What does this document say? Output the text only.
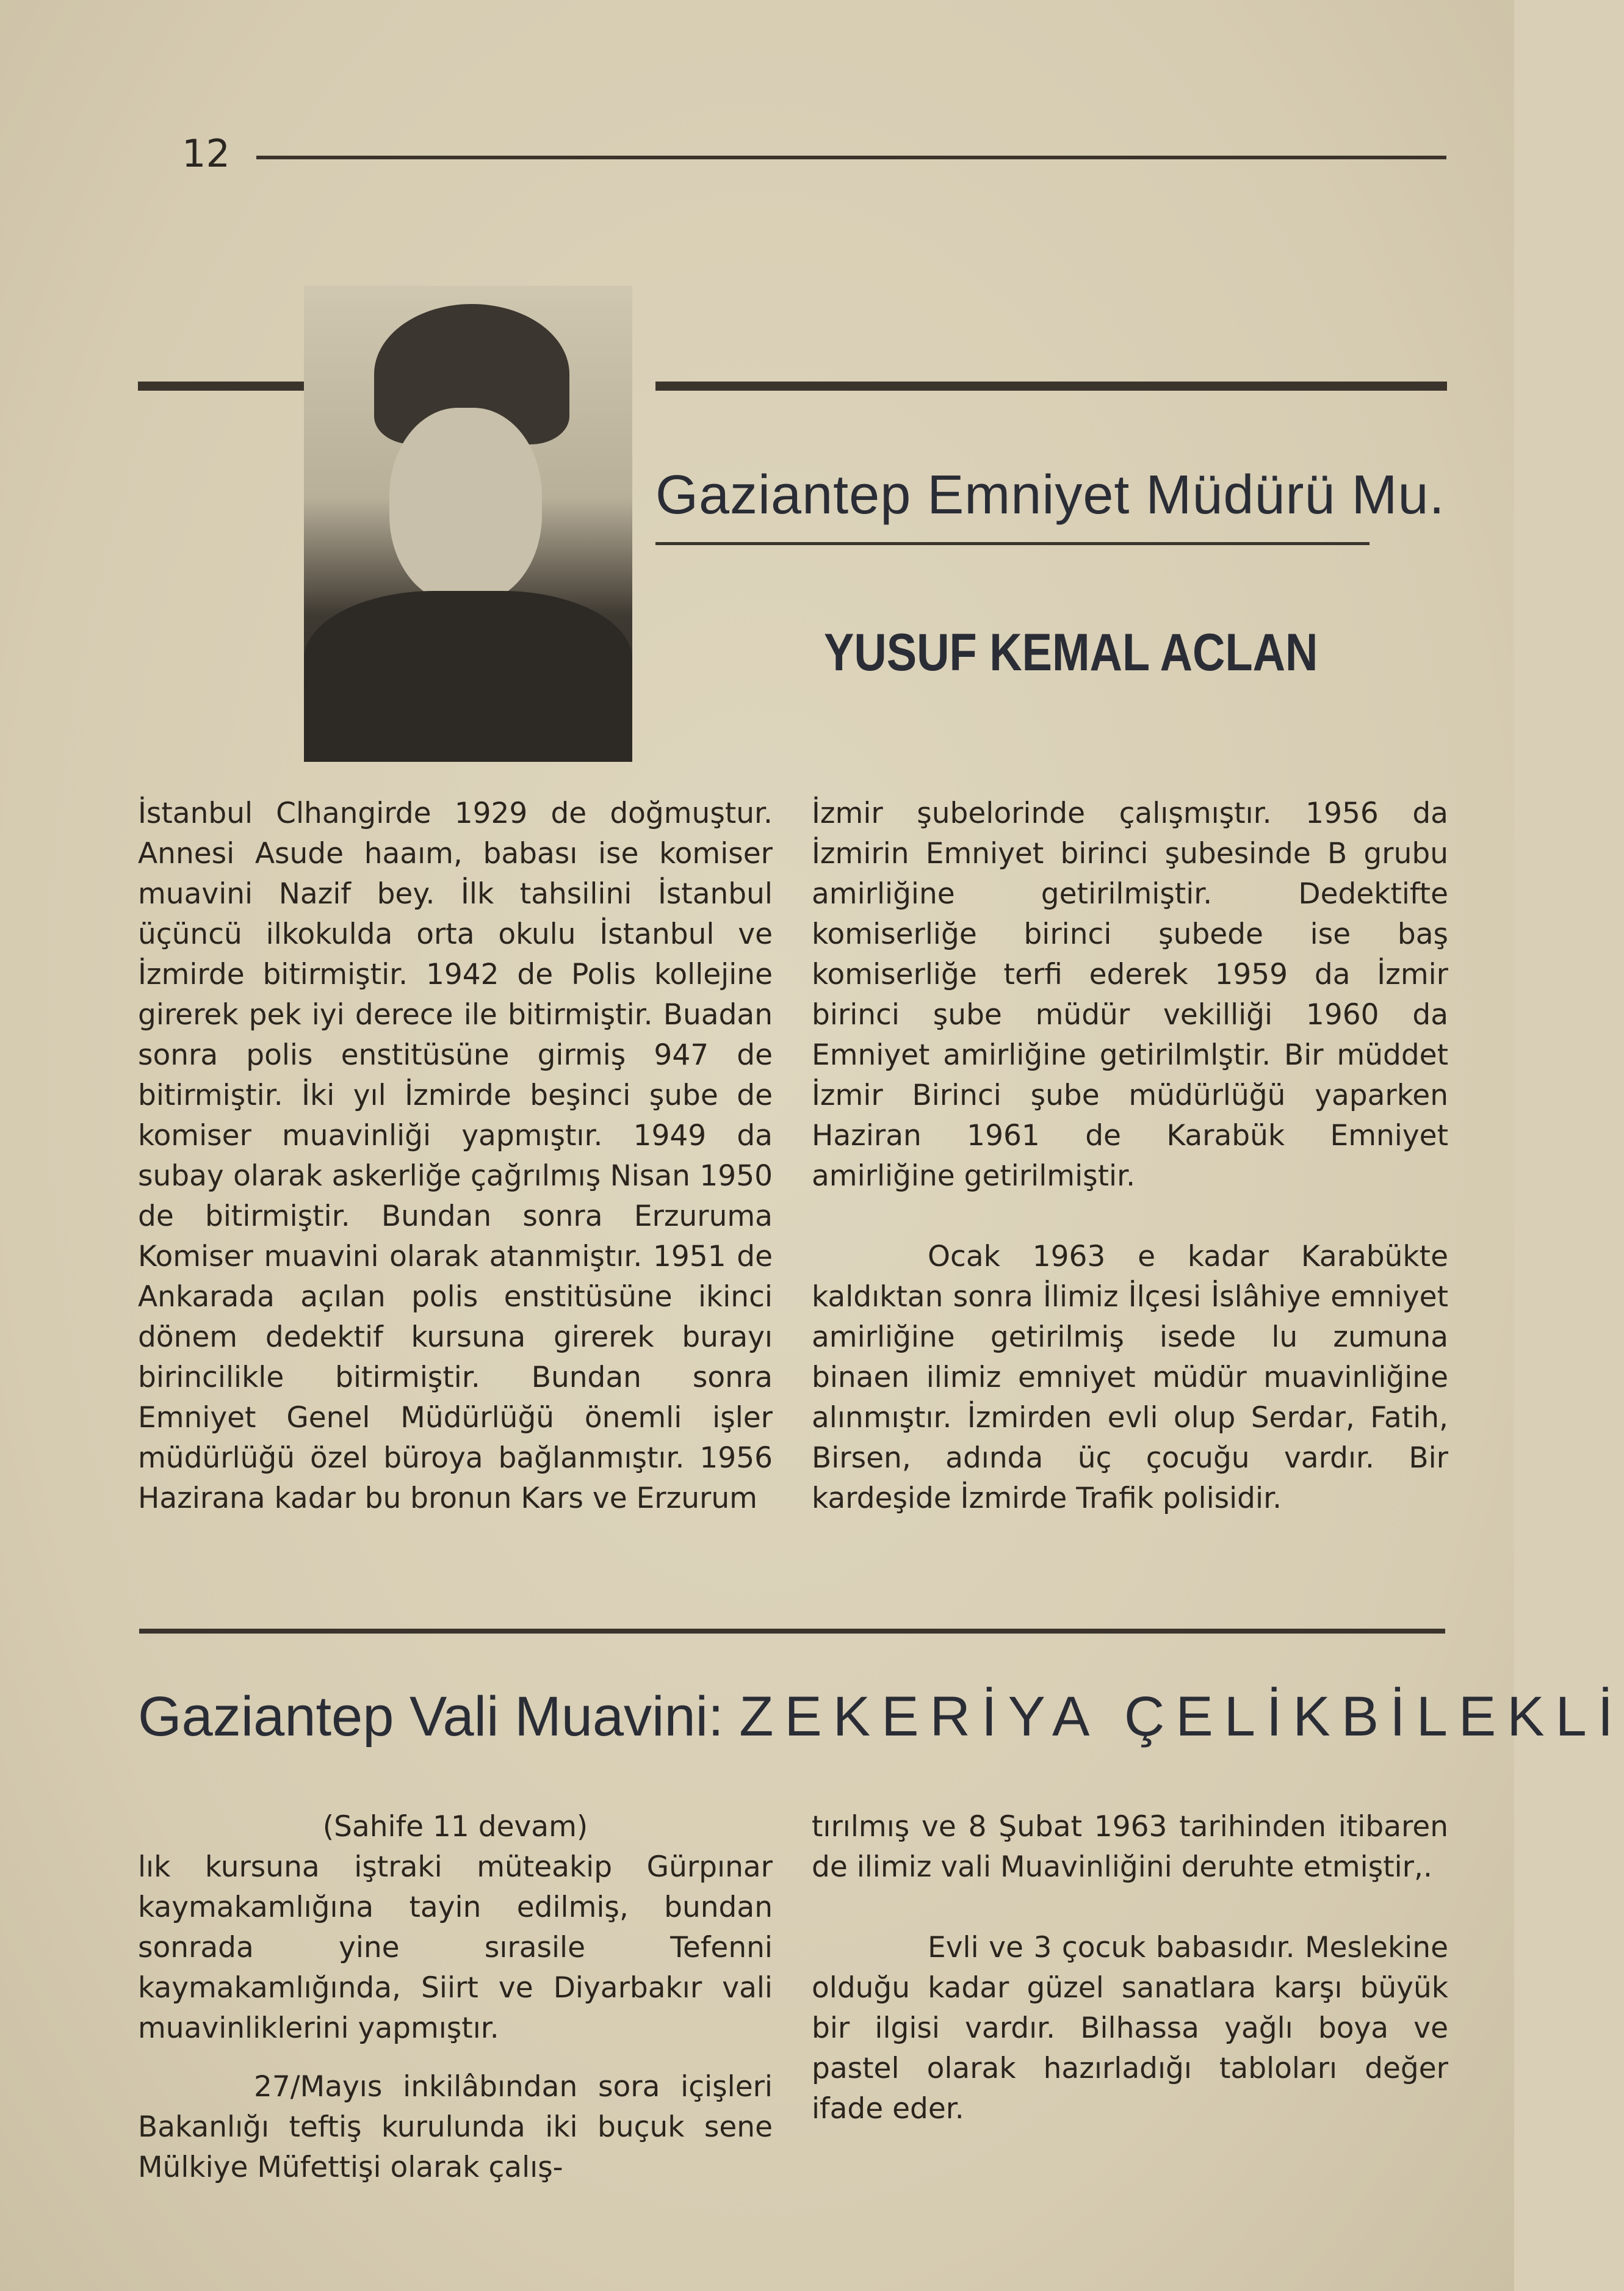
12
Gaziantep Emniyet Müdürü Mu.
YUSUF KEMAL ACLAN

İstanbul Clhangirde 1929 de doğmuştur. Annesi Asude haaım, babası ise komiser muavini Nazif bey. İlk tahsilini İstanbul üçüncü ilkokulda orta okulu İstanbul ve İzmirde bitirmiştir. 1942 de Polis kollejine girerek pek iyi derece ile bitirmiştir. Buadan sonra polis enstitüsüne girmiş 947 de bitirmiştir. İki yıl İzmirde beşinci şube de komiser muavinliği yapmıştır. 1949 da subay olarak askerliğe çağrılmış Nisan 1950 de bitirmiştir. Bundan sonra Erzuruma Komiser muavini olarak atanmiştır. 1951 de Ankarada açılan polis enstitüsüne ikinci dönem dedektif kursuna girerek burayı birincilikle bitirmiştir. Bundan sonra Emniyet Genel Müdürlüğü önemli işler müdürlüğü özel büroya bağlanmıştır. 1956 Hazirana kadar bu bronun Kars ve Erzurum

İzmir şubelorinde çalışmıştır. 1956 da İzmirin Emniyet birinci şubesinde B grubu amirliğine getirilmiştir. Dedektifte komiserliğe birinci şubede ise baş komiserliğe terfi ederek 1959 da İzmir birinci şube müdür vekilliği 1960 da Emniyet amirliğine getirilmlştir. Bir müddet İzmir Birinci şube müdürlüğü yaparken Haziran 1961 de Karabük Emniyet amirliğine getirilmiştir.

Ocak 1963 e kadar Karabükte kaldıktan sonra İlimiz İlçesi İslâhiye emniyet amirliğine getirilmiş isede lu zumuna binaen ilimiz emniyet müdür muavinliğine alınmıştır. İzmirden evli olup Serdar, Fatih, Birsen, adında üç çocuğu vardır. Bir kardeşide İzmirde Trafik polisidir.

Gaziantep Vali Muavini: ZEKERİYA ÇELİKBİLEKLİ

(Sahife 11 devam)

lık kursuna iştraki müteakip Gürpınar kaymakamlığına tayin edilmiş, bundan sonrada yine sırasile Tefenni kaymakamlığında, Siirt ve Diyarbakır vali muavinliklerini yapmıştır.

27/Mayıs inkilâbından sora içişleri Bakanlığı teftiş kurulunda iki buçuk sene Mülkiye Müfettişi olarak çalış-

tırılmış ve 8 Şubat 1963 tarihinden itibaren de ilimiz vali Muavinliğini deruhte etmiştir,.

Evli ve 3 çocuk babasıdır. Meslekine olduğu kadar güzel sanatlara karşı büyük bir ilgisi vardır. Bilhassa yağlı boya ve pastel olarak hazırladığı tabloları değer ifade eder.
